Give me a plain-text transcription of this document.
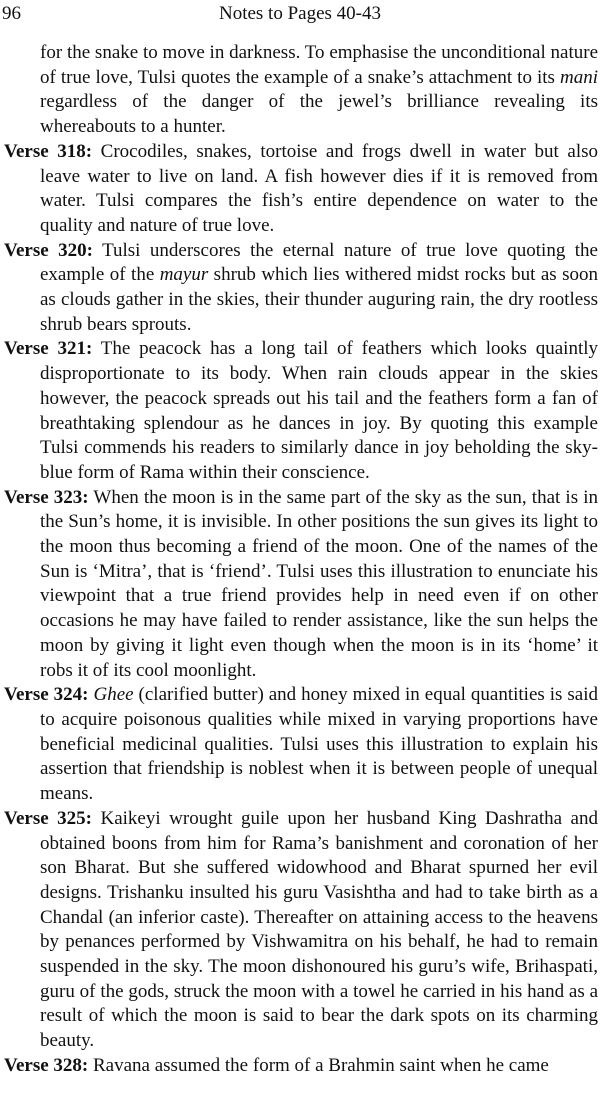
96	Notes to Pages 40-43

for the snake to move in darkness. To emphasise the unconditional nature of true love, Tulsi quotes the example of a snake’s attachment to its mani regardless of the danger of the jewel’s brilliance revealing its whereabouts to a hunter.

Verse 318: Crocodiles, snakes, tortoise and frogs dwell in water but also leave water to live on land. A fish however dies if it is removed from water. Tulsi compares the fish’s entire dependence on water to the quality and nature of true love.

Verse 320: Tulsi underscores the eternal nature of true love quoting the example of the mayur shrub which lies withered midst rocks but as soon as clouds gather in the skies, their thunder auguring rain, the dry rootless shrub bears sprouts.

Verse 321: The peacock has a long tail of feathers which looks quaintly disproportionate to its body. When rain clouds appear in the skies however, the peacock spreads out his tail and the feathers form a fan of breathtaking splendour as he dances in joy. By quoting this example Tulsi commends his readers to similarly dance in joy beholding the sky-blue form of Rama within their conscience.

Verse 323: When the moon is in the same part of the sky as the sun, that is in the Sun’s home, it is invisible. In other positions the sun gives its light to the moon thus becoming a friend of the moon. One of the names of the Sun is ‘Mitra’, that is ‘friend’. Tulsi uses this illustration to enunciate his viewpoint that a true friend provides help in need even if on other occasions he may have failed to render assistance, like the sun helps the moon by giving it light even though when the moon is in its ‘home’ it robs it of its cool moonlight.

Verse 324: Ghee (clarified butter) and honey mixed in equal quantities is said to acquire poisonous qualities while mixed in varying proportions have beneficial medicinal qualities. Tulsi uses this illustration to explain his assertion that friendship is noblest when it is between people of unequal means.

Verse 325: Kaikeyi wrought guile upon her husband King Dashratha and obtained boons from him for Rama’s banishment and coronation of her son Bharat. But she suffered widowhood and Bharat spurned her evil designs. Trishanku insulted his guru Vasishtha and had to take birth as a Chandal (an inferior caste). Thereafter on attaining access to the heavens by penances performed by Vishwamitra on his behalf, he had to remain suspended in the sky. The moon dishonoured his guru’s wife, Brihaspati, guru of the gods, struck the moon with a towel he carried in his hand as a result of which the moon is said to bear the dark spots on its charming beauty.

Verse 328: Ravana assumed the form of a Brahmin saint when he came
